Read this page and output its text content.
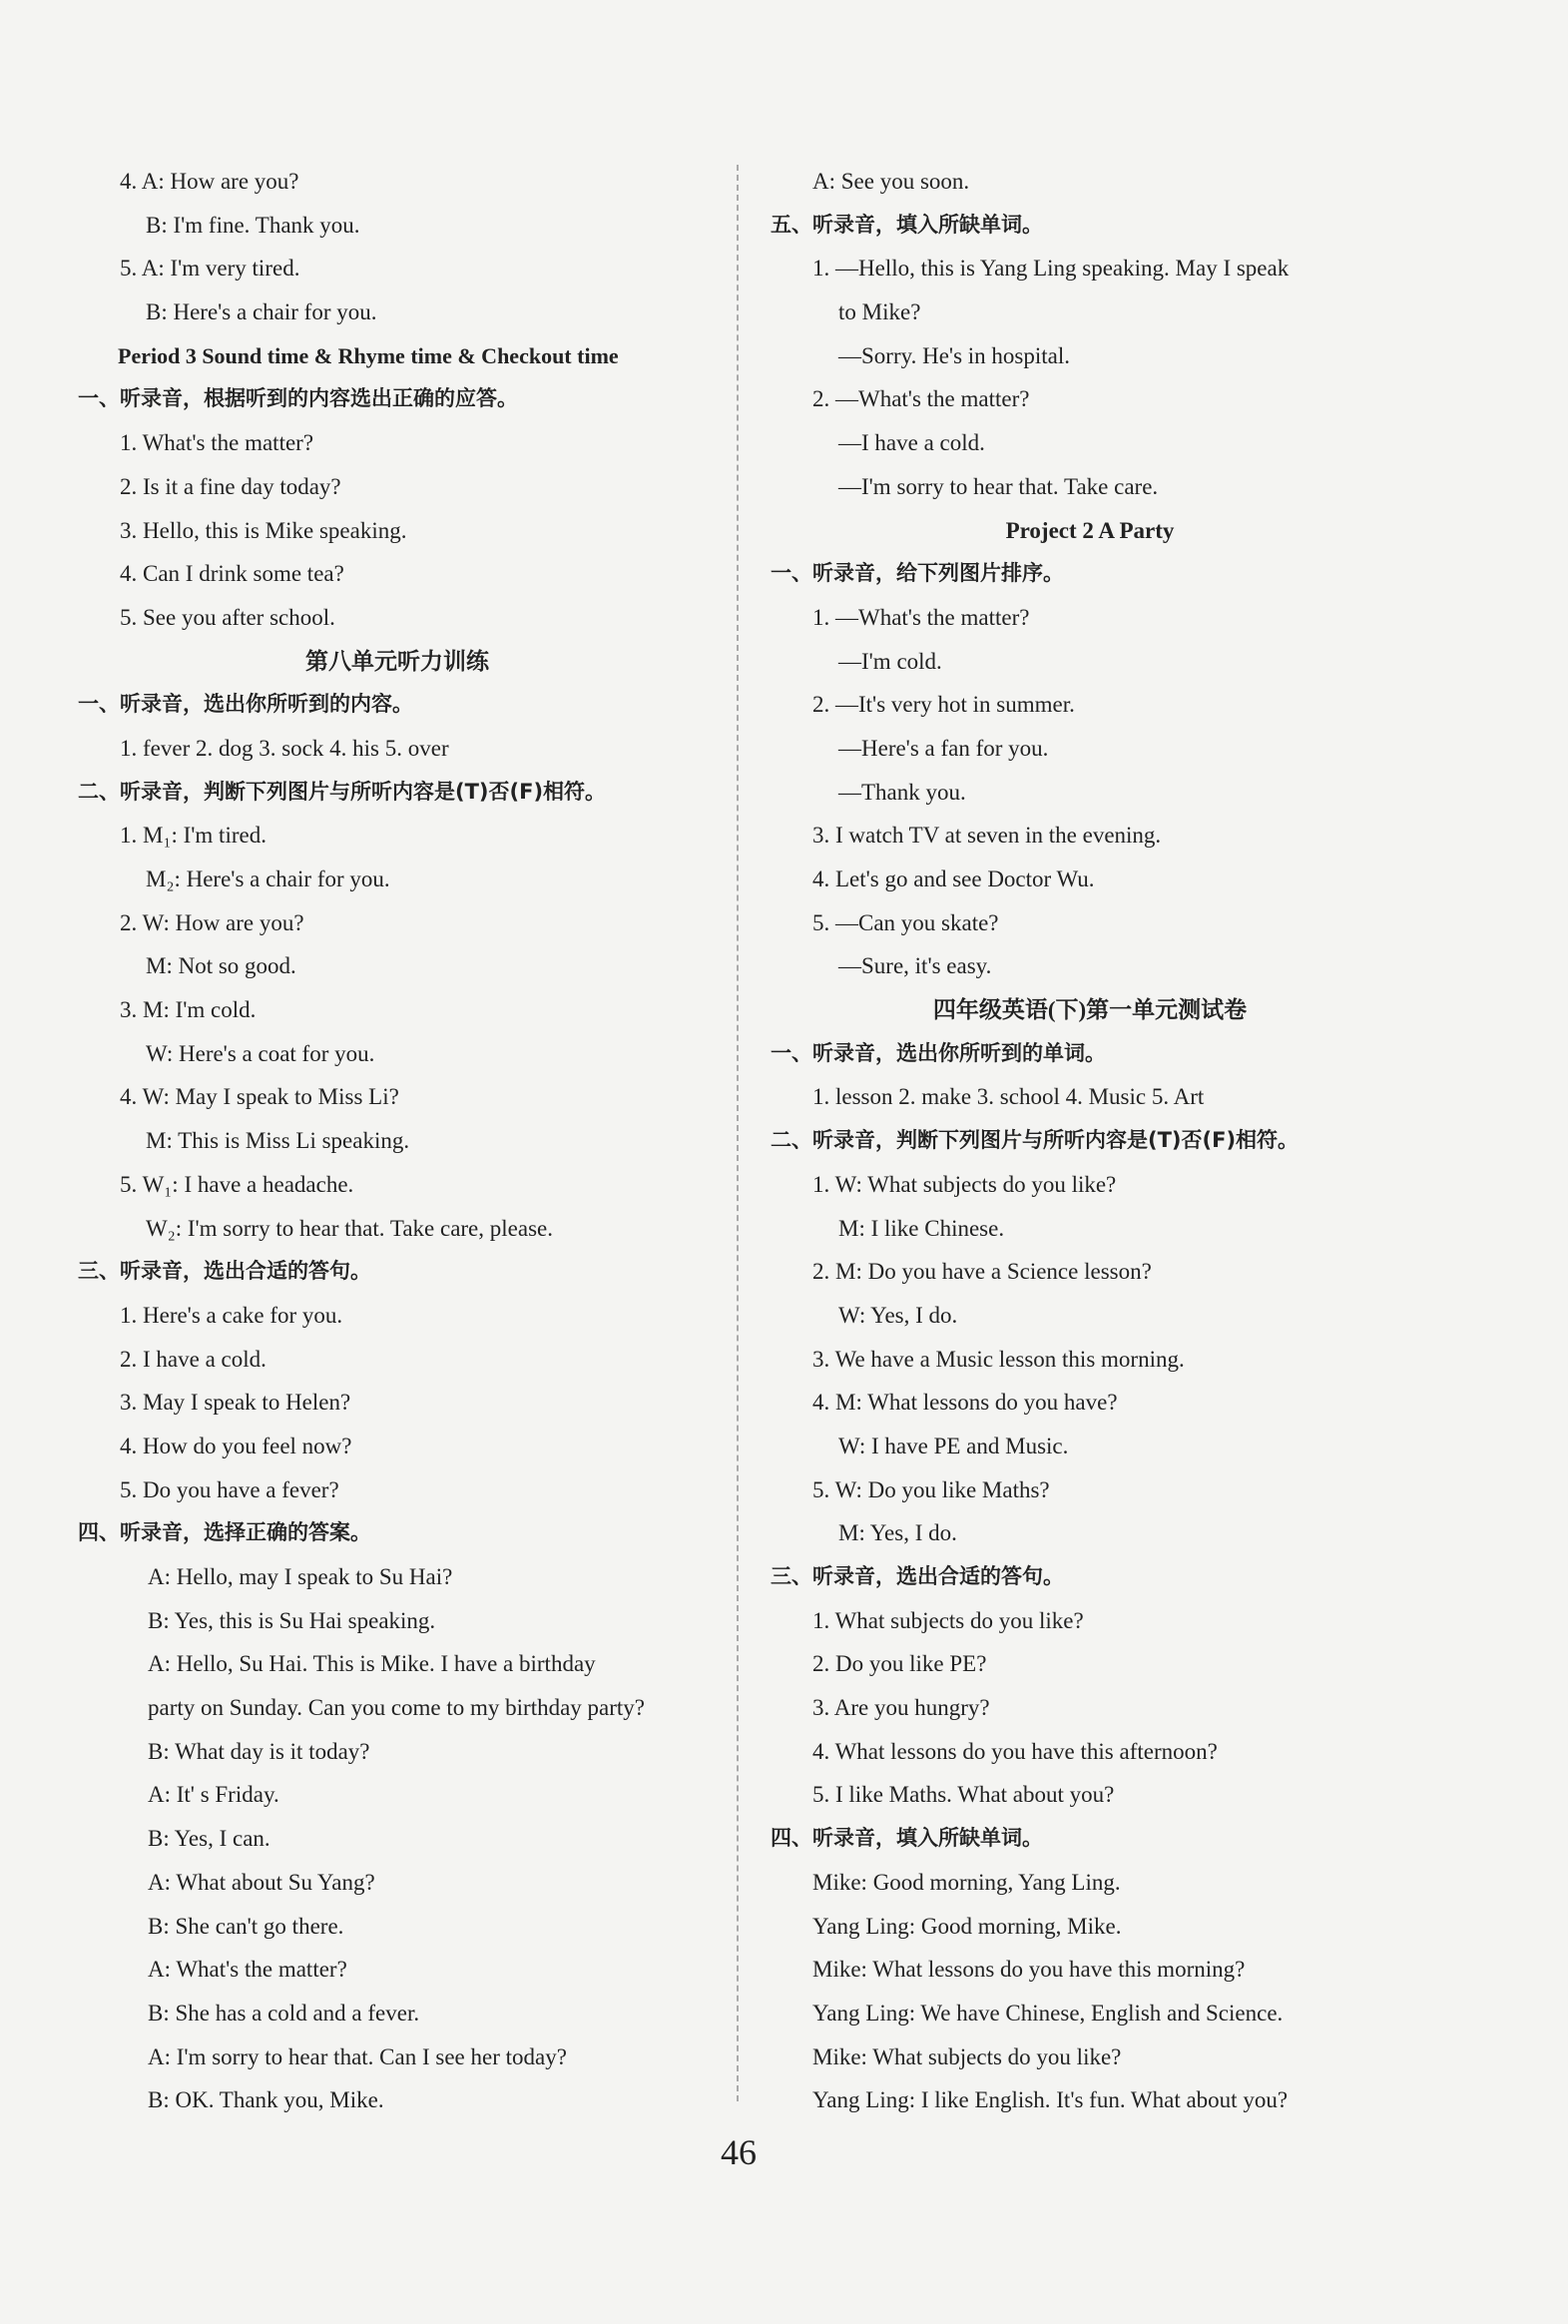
4. A: How are you?
B: I'm fine. Thank you.
5. A: I'm very tired.
B: Here's a chair for you.
Period 3 Sound time & Rhyme time & Checkout time
一、听录音，根据听到的内容选出正确的应答。
1. What's the matter?
2. Is it a fine day today?
3. Hello, this is Mike speaking.
4. Can I drink some tea?
5. See you after school.
第八单元听力训练
一、听录音，选出你所听到的内容。
1. fever 2. dog 3. sock 4. his 5. over
二、听录音，判断下列图片与所听内容是(T)否(F)相符。
1. M₁: I'm tired.
M₂: Here's a chair for you.
2. W: How are you?
M: Not so good.
3. M: I'm cold.
W: Here's a coat for you.
4. W: May I speak to Miss Li?
M: This is Miss Li speaking.
5. W₁: I have a headache.
W₂: I'm sorry to hear that. Take care, please.
三、听录音，选出合适的答句。
1. Here's a cake for you.
2. I have a cold.
3. May I speak to Helen?
4. How do you feel now?
5. Do you have a fever?
四、听录音，选择正确的答案。
A: Hello, may I speak to Su Hai?
B: Yes, this is Su Hai speaking.
A: Hello, Su Hai. This is Mike. I have a birthday
party on Sunday. Can you come to my birthday party?
B: What day is it today?
A: It' s Friday.
B: Yes, I can.
A: What about Su Yang?
B: She can't go there.
A: What's the matter?
B: She has a cold and a fever.
A: I'm sorry to hear that. Can I see her today?
B: OK. Thank you, Mike.
A: See you soon.
五、听录音，填入所缺单词。
1. —Hello, this is Yang Ling speaking. May I speak
to Mike?
—Sorry. He's in hospital.
2. —What's the matter?
—I have a cold.
—I'm sorry to hear that. Take care.
Project 2 A Party
一、听录音，给下列图片排序。
1. —What's the matter?
—I'm cold.
2. —It's very hot in summer.
—Here's a fan for you.
—Thank you.
3. I watch TV at seven in the evening.
4. Let's go and see Doctor Wu.
5. —Can you skate?
—Sure, it's easy.
四年级英语(下)第一单元测试卷
一、听录音，选出你所听到的单词。
1. lesson 2. make 3. school 4. Music 5. Art
二、听录音，判断下列图片与所听内容是(T)否(F)相符。
1. W: What subjects do you like?
M: I like Chinese.
2. M: Do you have a Science lesson?
W: Yes, I do.
3. We have a Music lesson this morning.
4. M: What lessons do you have?
W: I have PE and Music.
5. W: Do you like Maths?
M: Yes, I do.
三、听录音，选出合适的答句。
1. What subjects do you like?
2. Do you like PE?
3. Are you hungry?
4. What lessons do you have this afternoon?
5. I like Maths. What about you?
四、听录音，填入所缺单词。
Mike: Good morning, Yang Ling.
Yang Ling: Good morning, Mike.
Mike: What lessons do you have this morning?
Yang Ling: We have Chinese, English and Science.
Mike: What subjects do you like?
Yang Ling: I like English. It's fun. What about you?
46
